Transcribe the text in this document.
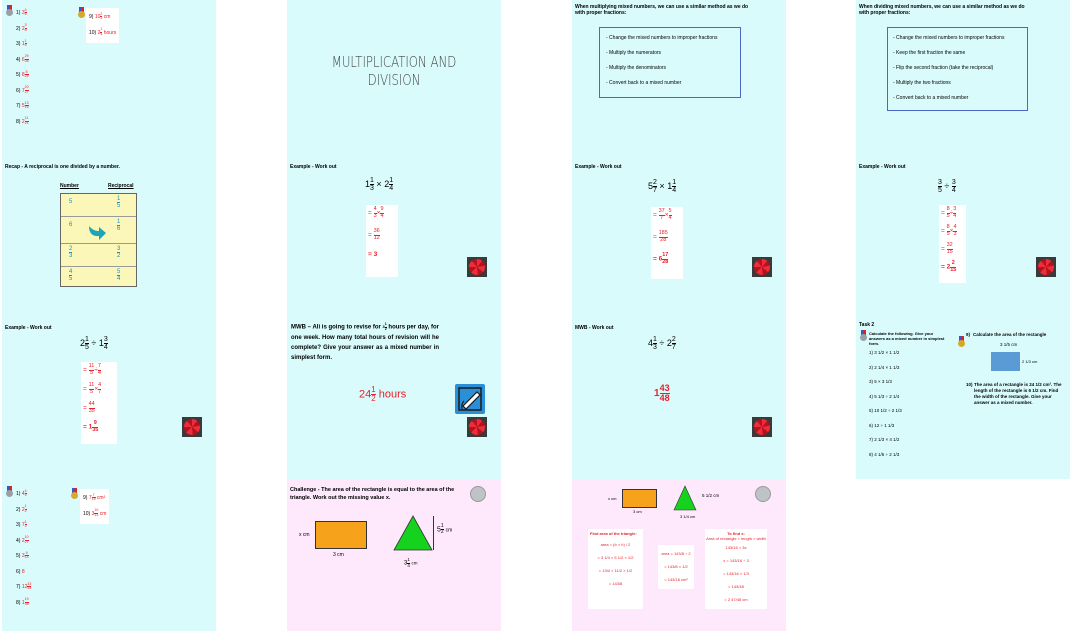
1) $3 \frac{4}{5}$
2) $2 \frac{3}{8}$
3) $1 \frac{1}{4}$
4) $6 \frac{29}{35}$
5) $8 \frac{5}{24}$
6) $7 \frac{20}{27}$
7) $5 \frac{13}{16}$
8) $2 \frac{11}{21}$
9) $10 \frac{2}{3}$ cm
10) $2 \frac{1}{4}$ hours
MULTIPLICATION AND DIVISION
When multiplying mixed numbers, we can use a similar method as we do with proper fractions:
- Change the mixed numbers to improper fractions
- Multiply the numerators
- Multiply the denominators
- Convert back to a mixed number
When dividing mixed numbers, we can use a similar method as we do with proper fractions:
- Change the mixed numbers to improper fractions
- Keep the first fraction the same
- Flip the second fraction (take the reciprocal)
- Multiply the two fractions
- Convert back to a mixed number
Recap - A reciprocal is one divided by a number.
Number	Reciprocal
5	$\frac{1}{5}$
6	$\frac{1}{6}$
$\frac{2}{3}$	$\frac{3}{2}$
$\frac{4}{5}$	$\frac{5}{4}$
Example - Work out
$1 \frac{1}{3} \times 2 \frac{1}{4}$
= $\frac{4}{3} \times \frac{9}{4}$
= $\frac{36}{12}$
= 3
Example - Work out
$5 \frac{2}{7} \times 1 \frac{1}{4}$
= $\frac{37}{7} \times \frac{5}{4}$
= $\frac{185}{28}$
= $6 \frac{17}{28}$
Example - Work out
$\frac{3}{5} \div \frac{3}{4}$
= $\frac{8}{5} \div \frac{3}{4}$
= $\frac{8}{5} \times \frac{4}{3}$
= $\frac{32}{15}$
= $2 \frac{2}{15}$
Example - Work out
$2 \frac{1}{5} \div 1 \frac{3}{4}$
= $\frac{11}{5} \div \frac{7}{4}$
= $\frac{11}{5} \times \frac{4}{7}$
= $\frac{44}{35}$
= $1 \frac{9}{35}$
MWB – Ali is going to revise for $3 \frac{1}{2}$ hours per day, for one week. How many total hours of revision will he complete? Give your answer as a mixed number in simplest form.
$24 \frac{1}{2}$ hours
MWB - Work out
$4 \frac{1}{3} \div 2 \frac{2}{7}$
$1 \frac{43}{48}$
Task 2
Calculate the following. Give your answers as a mixed number in simplest form.
1) 3 1/2 × 1 1/2
2) 2 1/4 × 1 1/3
3) 5 × 3 1/3
4) 5 1/3 ÷ 2 1/4
5) 10 1/2 ÷ 2 1/3
6) 12 ÷ 1 1/3
7) 2 1/3 × 4 1/2
8) 4 1/5 ÷ 2 1/3
9) Calculate the area of the rectangle
3 1/5 cm
2 1/3 cm
10) The area of a rectangle is 24 1/2 cm². The length of the rectangle is 6 1/2 cm. Find the width of the rectangle. Give your answer as a mixed number.
1) $4 \frac{4}{9}$
2) $2 \frac{1}{2}$
3) $7 \frac{1}{2}$
4) $2 \frac{10}{27}$
5) $3 \frac{9}{14}$
6) 8
7) $12 \frac{43}{54}$
8) $1 \frac{19}{35}$
9) $7 \frac{7}{15} cm^2$
10) $3 \frac{10}{13}$ cm
Challenge - The area of the rectangle is equal to the area of the triangle. Work out the missing value x.
x cm
3 cm
$5 \frac{1}{2}$ cm
$3 \frac{1}{4}$ cm
x cm
3 cm
5 1/2 cm
3 1/4 cm
Find area of the triangle:
area = (b × h) / 2
= 3 1/4 × 5 1/2 × 1/2
= 13/4 × 11/2 × 1/2
= 143/8
area = 143/8 ÷ 2
= 143/8 × 1/2
= 143/16 cm²
To find x:
Area of rectangle = length × width
143/16 = 3x
x = 143/16 ÷ 3
= 143/16 × 1/3
= 143/48
= 2 47/48 cm
